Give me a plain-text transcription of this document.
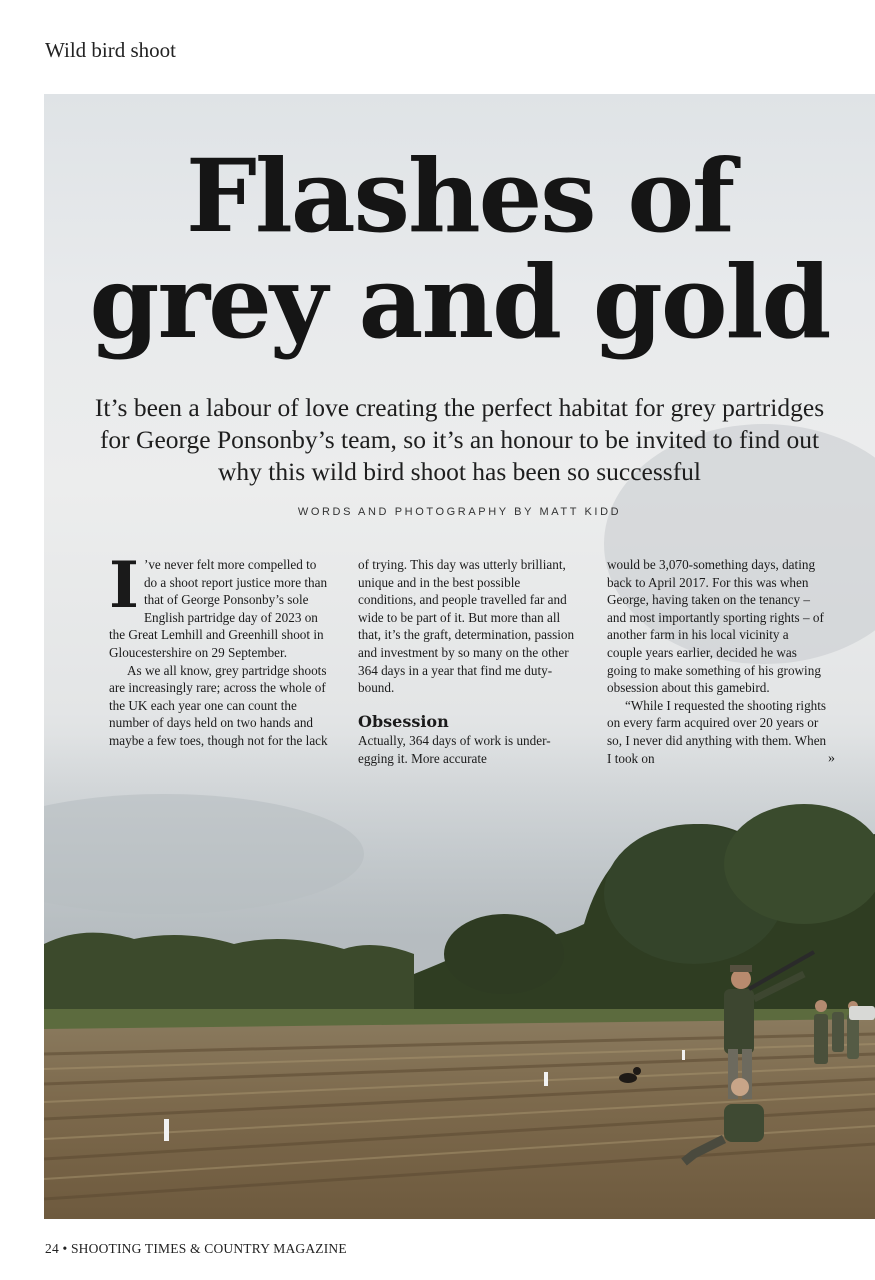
Wild bird shoot
Flashes of
grey and gold
It’s been a labour of love creating the perfect habitat for grey partridges for George Ponsonby’s team, so it’s an honour to be invited to find out why this wild bird shoot has been so successful
WORDS AND PHOTOGRAPHY BY MATT KIDD

I ’ve never felt more compelled to do a shoot report justice more than that of George Ponsonby’s sole English partridge day of 2023 on the Great Lemhill and Greenhill shoot in Gloucestershire on 29 September.

As we all know, grey partridge shoots are increasingly rare; across the whole of the UK each year one can count the number of days held on two hands and maybe a few toes, though not for the lack

of trying. This day was utterly brilliant, unique and in the best possible conditions, and people travelled far and wide to be part of it. But more than all that, it’s the graft, determination, passion and investment by so many on the other 364 days in a year that find me duty-bound.

Obsession

Actually, 364 days of work is under-egging it. More accurate

would be 3,070-something days, dating back to April 2017. For this was when George, having taken on the tenancy – and most importantly sporting rights – of another farm in his local vicinity a couple years earlier, decided he was going to make something of his growing obsession about this gamebird.

“While I requested the shooting rights on every farm acquired over 20 years or so, I never did anything with them. When I took on	»
24 • SHOOTING TIMES & COUNTRY MAGAZINE
